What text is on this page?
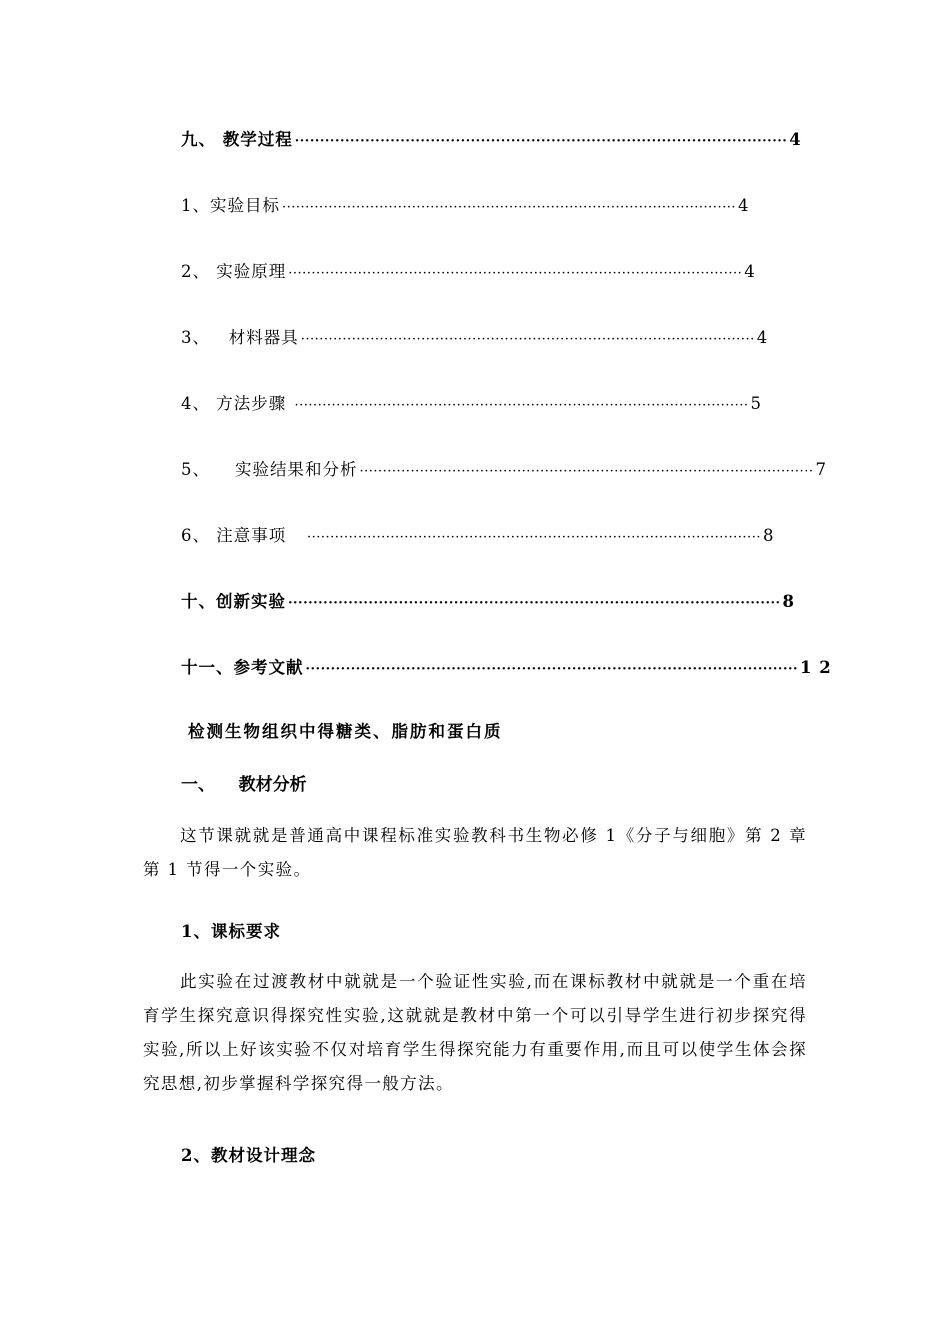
九、 教学过程 ·································································································· 4
1、实验目标 ·································································································· 4
2、 实验原理 ·································································································· 4
3、   材料器具 ·································································································· 4
4、 方法步骤 ·································································································· 5
5、    实验结果和分析 ·································································································· 7
6、 注意事项 ·································································································· 8
十、创新实验 ·································································································· 8
十一、参考文献 ·································································································· 1 2
检测生物组织中得糖类、脂肪和蛋白质
一、    教材分析
这节课就就是普通高中课程标准实验教科书生物必修 1《分子与细胞》第 2 章第 1 节得一个实验。
1、课标要求
此实验在过渡教材中就就是一个验证性实验,而在课标教材中就就是一个重在培育学生探究意识得探究性实验,这就就是教材中第一个可以引导学生进行初步探究得实验,所以上好该实验不仅对培育学生得探究能力有重要作用,而且可以使学生体会探究思想,初步掌握科学探究得一般方法。
2、教材设计理念
